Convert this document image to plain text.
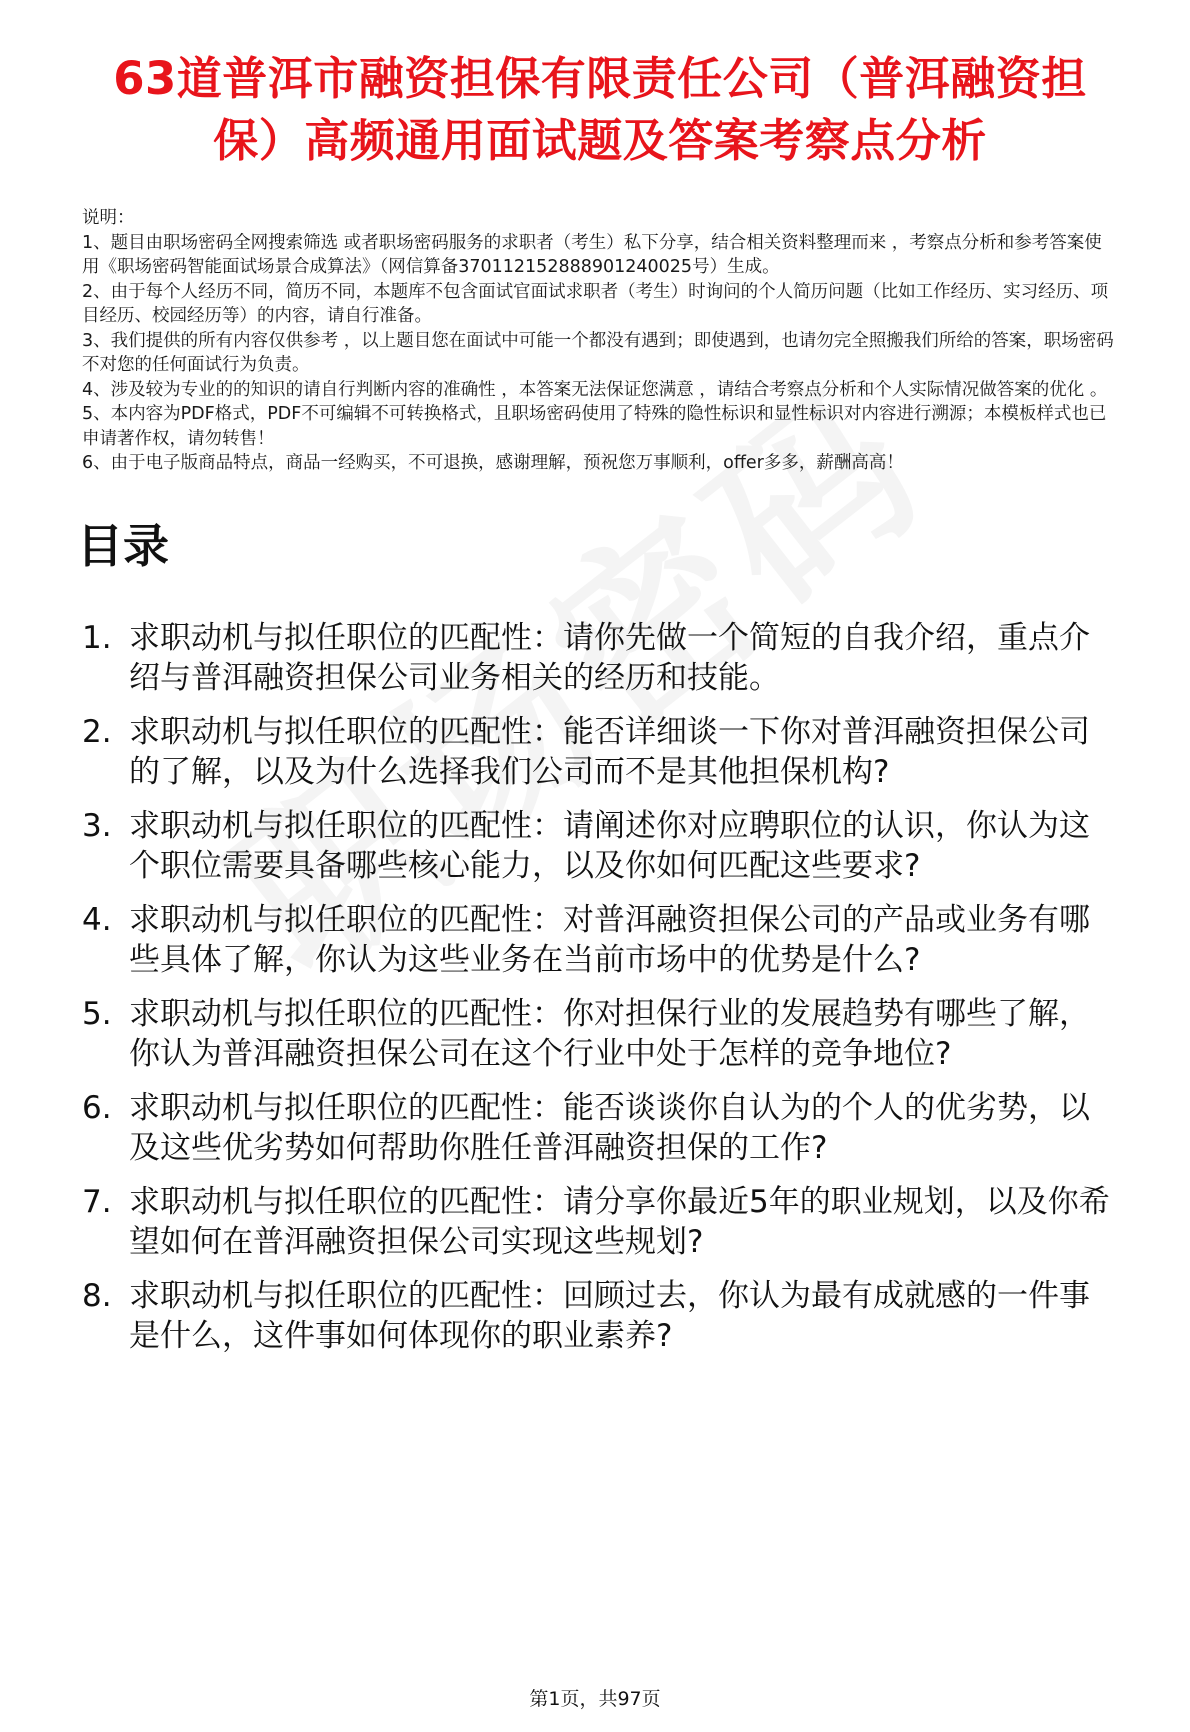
63道普洱市融资担保有限责任公司（普洱融资担保）高频通用面试题及答案考察点分析

说明：

1、题目由职场密码全网搜索筛选 或者职场密码服务的求职者（考生）私下分享，结合相关资料整理而来 ，考察点分析和参考答案使用《职场密码智能面试场景合成算法》（网信算备370112152888901240025号）生成。

2、由于每个人经历不同，简历不同，本题库不包含面试官面试求职者（考生）时询问的个人简历问题（比如工作经历、实习经历、项目经历、校园经历等）的内容，请自行准备。

3、我们提供的所有内容仅供参考 ，以上题目您在面试中可能一个都没有遇到；即使遇到，也请勿完全照搬我们所给的答案，职场密码不对您的任何面试行为负责。

4、涉及较为专业的的知识的请自行判断内容的准确性 ，本答案无法保证您满意 ，请结合考察点分析和个人实际情况做答案的优化 。

5、本内容为PDF格式，PDF不可编辑不可转换格式，且职场密码使用了特殊的隐性标识和显性标识对内容进行溯源；本模板样式也已申请著作权，请勿转售！

6、由于电子版商品特点，商品一经购买，不可退换，感谢理解，预祝您万事顺利，offer多多，薪酬高高！

目录
1. 求职动机与拟任职位的匹配性：请你先做一个简短的自我介绍，重点介绍与普洱融资担保公司业务相关的经历和技能。
2. 求职动机与拟任职位的匹配性：能否详细谈一下你对普洱融资担保公司的了解，以及为什么选择我们公司而不是其他担保机构?
3. 求职动机与拟任职位的匹配性：请阐述你对应聘职位的认识，你认为这个职位需要具备哪些核心能力，以及你如何匹配这些要求?
4. 求职动机与拟任职位的匹配性：对普洱融资担保公司的产品或业务有哪些具体了解，你认为这些业务在当前市场中的优势是什么?
5. 求职动机与拟任职位的匹配性：你对担保行业的发展趋势有哪些了解，你认为普洱融资担保公司在这个行业中处于怎样的竞争地位?
6. 求职动机与拟任职位的匹配性：能否谈谈你自认为的个人的优劣势，以及这些优劣势如何帮助你胜任普洱融资担保的工作?
7. 求职动机与拟任职位的匹配性：请分享你最近5年的职业规划，以及你希望如何在普洱融资担保公司实现这些规划?
8. 求职动机与拟任职位的匹配性：回顾过去，你认为最有成就感的一件事是什么，这件事如何体现你的职业素养?
第1页，共97页
